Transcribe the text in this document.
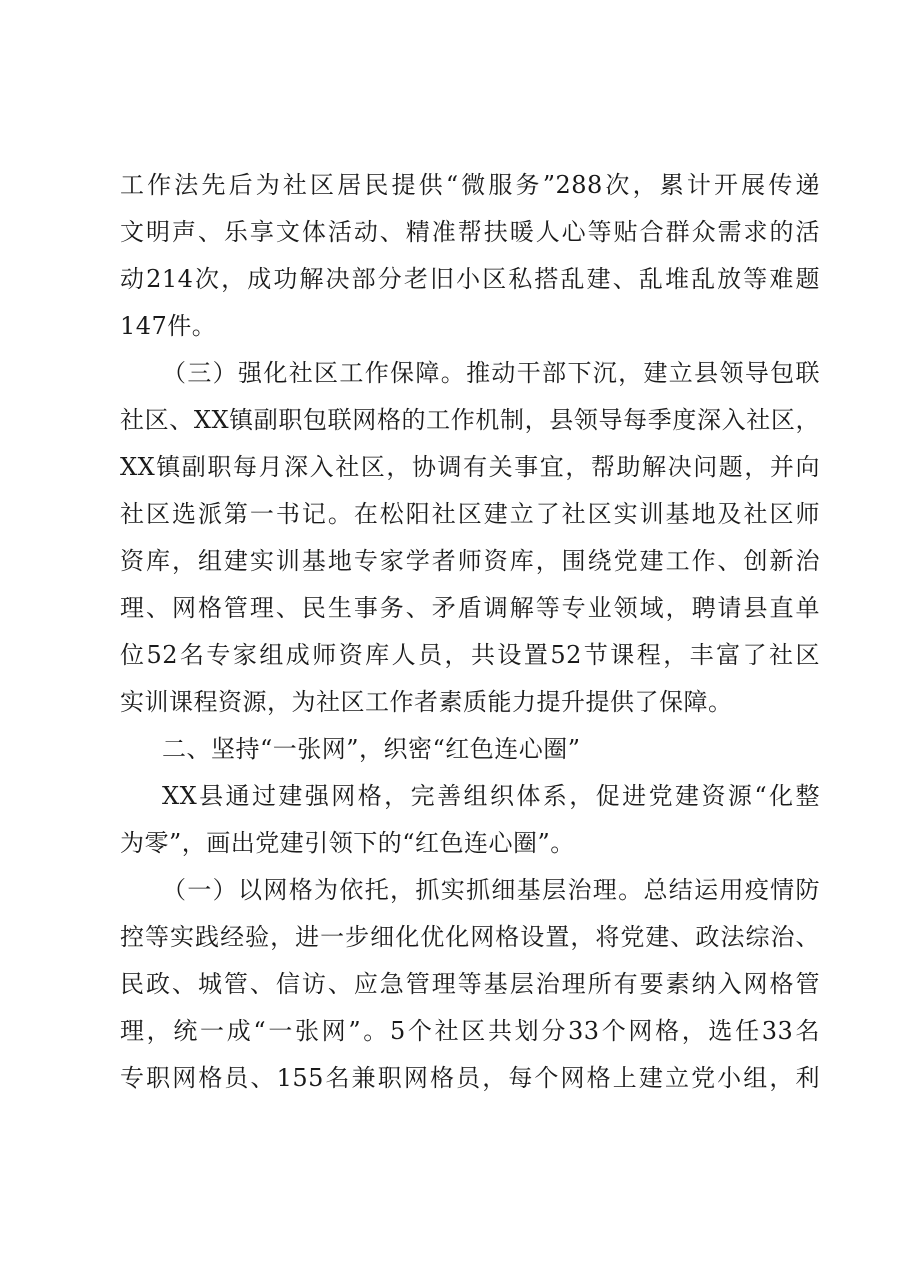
工作法先后为社区居民提供“微服务”288次，累计开展传递
文明声、乐享文体活动、精准帮扶暖人心等贴合群众需求的活
动214次，成功解决部分老旧小区私搭乱建、乱堆乱放等难题
147件。
（三）强化社区工作保障。推动干部下沉，建立县领导包联
社区、XX镇副职包联网格的工作机制，县领导每季度深入社区，
XX镇副职每月深入社区，协调有关事宜，帮助解决问题，并向
社区选派第一书记。在松阳社区建立了社区实训基地及社区师
资库，组建实训基地专家学者师资库，围绕党建工作、创新治
理、网格管理、民生事务、矛盾调解等专业领域，聘请县直单
位52名专家组成师资库人员，共设置52节课程，丰富了社区
实训课程资源，为社区工作者素质能力提升提供了保障。
二、坚持“一张网”，织密“红色连心圈”
XX县通过建强网格，完善组织体系，促进党建资源“化整
为零”，画出党建引领下的“红色连心圈”。
（一）以网格为依托，抓实抓细基层治理。总结运用疫情防
控等实践经验，进一步细化优化网格设置，将党建、政法综治、
民政、城管、信访、应急管理等基层治理所有要素纳入网格管
理，统一成“一张网”。5个社区共划分33个网格，选任33名
专职网格员、155名兼职网格员，每个网格上建立党小组，利
